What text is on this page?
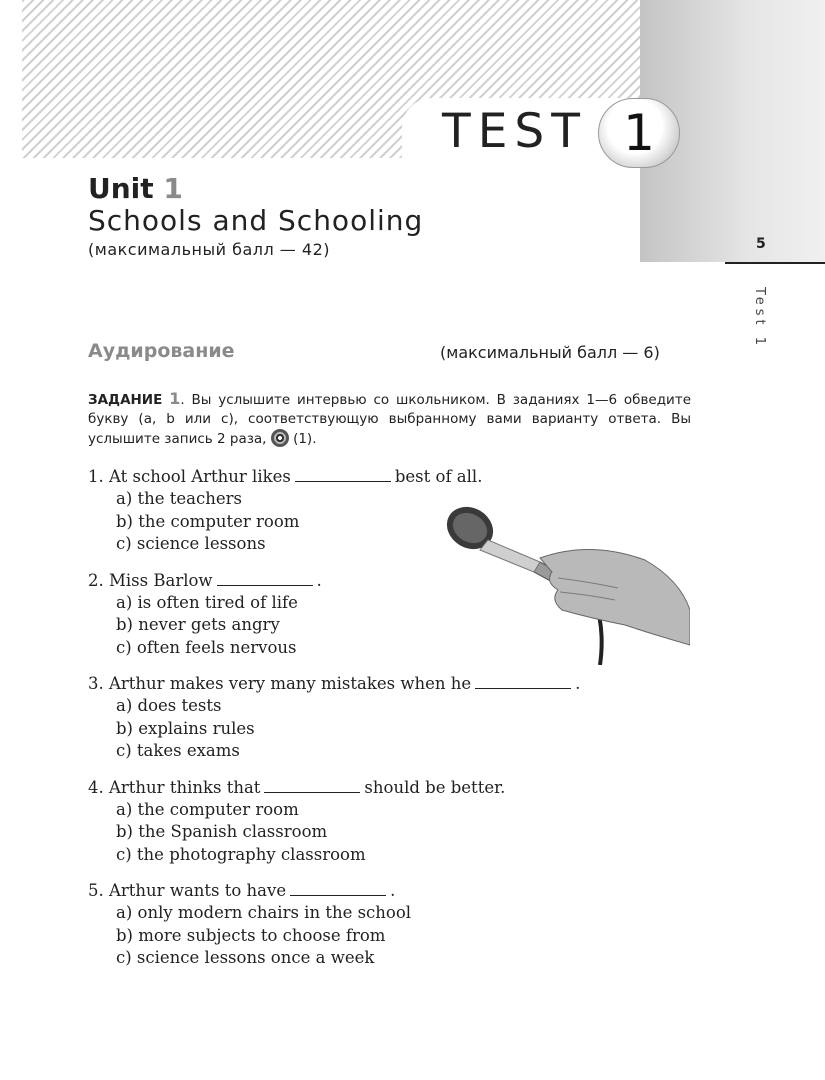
TEST 1
5
Test 1
Unit 1
Schools and Schooling
(максимальный балл — 42)
Аудирование	(максимальный балл — 6)
ЗАДАНИЕ 1. Вы услышите интервью со школьником. В заданиях 1—6 обведите букву (a, b или c), соответствующую выбранному вами варианту ответа. Вы услышите запись 2 раза, (1).
1. At school Arthur likes	best of all.
a) the teachers
b) the computer room
c) science lessons
2. Miss Barlow	.
a) is often tired of life
b) never gets angry
c) often feels nervous
3. Arthur makes very many mistakes when he	.
a) does tests
b) explains rules
c) takes exams
4. Arthur thinks that	should be better.
a) the computer room
b) the Spanish classroom
c) the photography classroom
5. Arthur wants to have	.
a) only modern chairs in the school
b) more subjects to choose from
c) science lessons once a week
